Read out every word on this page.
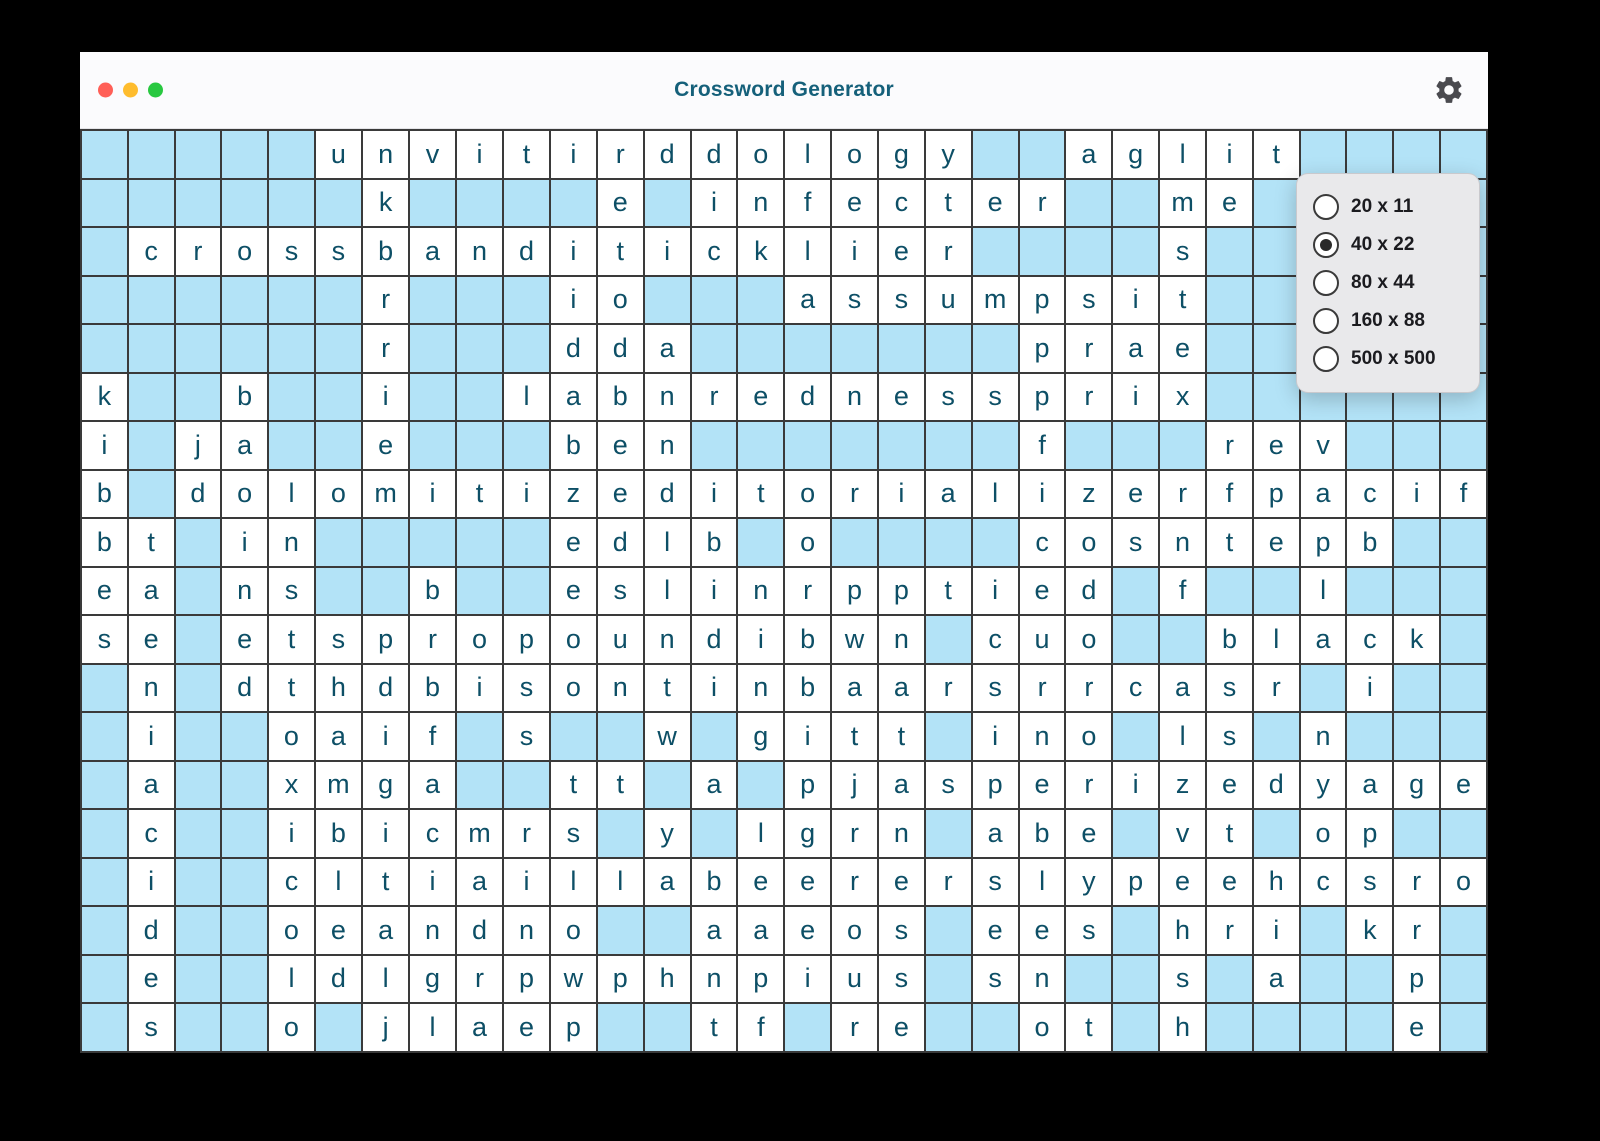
Crossword Generator
					u	n	v	i	t	i	r	d	d	o	l	o	g	y			a	g	l	i	t				
						k					e		i	n	f	e	c	t	e	r			m	e					
	c	r	o	s	s	b	a	n	d	i	t	i	c	k	l	i	e	r					s						
						r				i	o				a	s	s	u	m	p	s	i	t						
						r				d	d	a								p	r	a	e						
k			b			i			l	a	b	n	r	e	d	n	e	s	s	p	r	i	x						
i		j	a			e				b	e	n								f				r	e	v			
b		d	o	l	o	m	i	t	i	z	e	d	i	t	o	r	i	a	l	i	z	e	r	f	p	a	c	i	f
b	t		i	n						e	d	l	b		o					c	o	s	n	t	e	p	b		
e	a		n	s			b			e	s	l	i	n	r	p	p	t	i	e	d		f			l			
s	e		e	t	s	p	r	o	p	o	u	n	d	i	b	w	n		c	u	o			b	l	a	c	k	
	n		d	t	h	d	b	i	s	o	n	t	i	n	b	a	a	r	s	r	r	c	a	s	r		i		
	i			o	a	i	f		s			w		g	i	t	t		i	n	o		l	s		n			
	a			x	m	g	a			t	t		a		p	j	a	s	p	e	r	i	z	e	d	y	a	g	e
	c			i	b	i	c	m	r	s		y		l	g	r	n		a	b	e		v	t		o	p		
	i			c	l	t	i	a	i	l	l	a	b	e	e	r	e	r	s	l	y	p	e	e	h	c	s	r	o
	d			o	e	a	n	d	n	o			a	a	e	o	s		e	e	s		h	r	i		k	r	
	e			l	d	l	g	r	p	w	p	h	n	p	i	u	s		s	n			s		a			p	
	s			o		j	l	a	e	p			t	f		r	e			o	t		h					e	
20 x 11
40 x 22
80 x 44
160 x 88
500 x 500
